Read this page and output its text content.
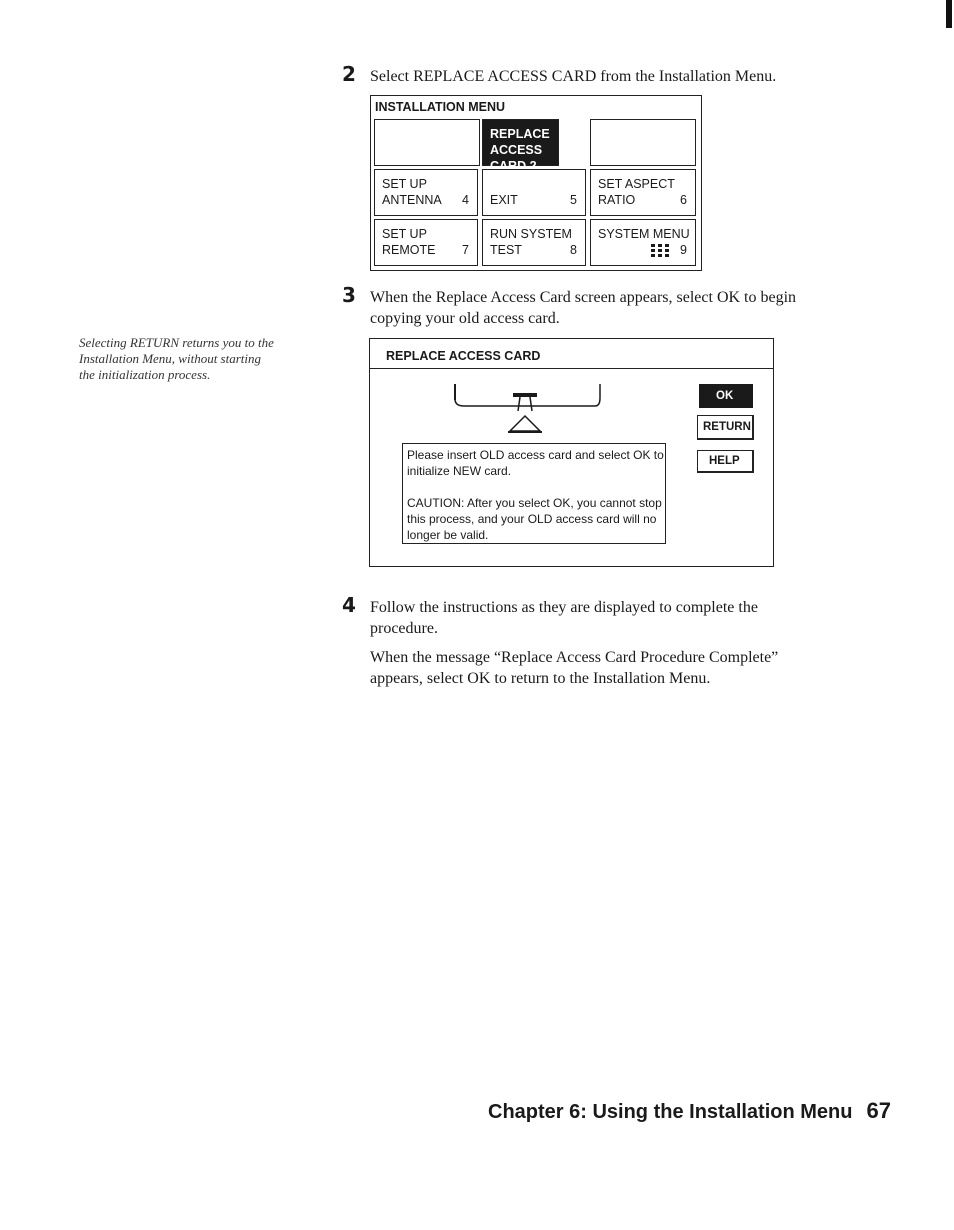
2 Select REPLACE ACCESS CARD from the Installation Menu.
INSTALLATION MENU
REPLACE
ACCESS CARD 2
SET UP
ANTENNA 4 EXIT	5
SET ASPECT
RATIO	6
SET UP
REMOTE 7
RUN SYSTEM
TEST	8
SYSTEM MENU
9
3 When the Replace Access Card screen appears, select OK to begin copying your old access card.
Selecting RETURN returns you to the Installation Menu, without starting the initialization process.
REPLACE ACCESS CARD
Please insert OLD access card and select OK to initialize NEW card.
CAUTION: After you select OK, you cannot stop this process, and your OLD access card will no longer be valid.
OK
RETURN
HELP
4 Follow the instructions as they are displayed to complete the procedure.
When the message “Replace Access Card Procedure Complete” appears, select OK to return to the Installation Menu.
Chapter 6: Using the Installation Menu 67
